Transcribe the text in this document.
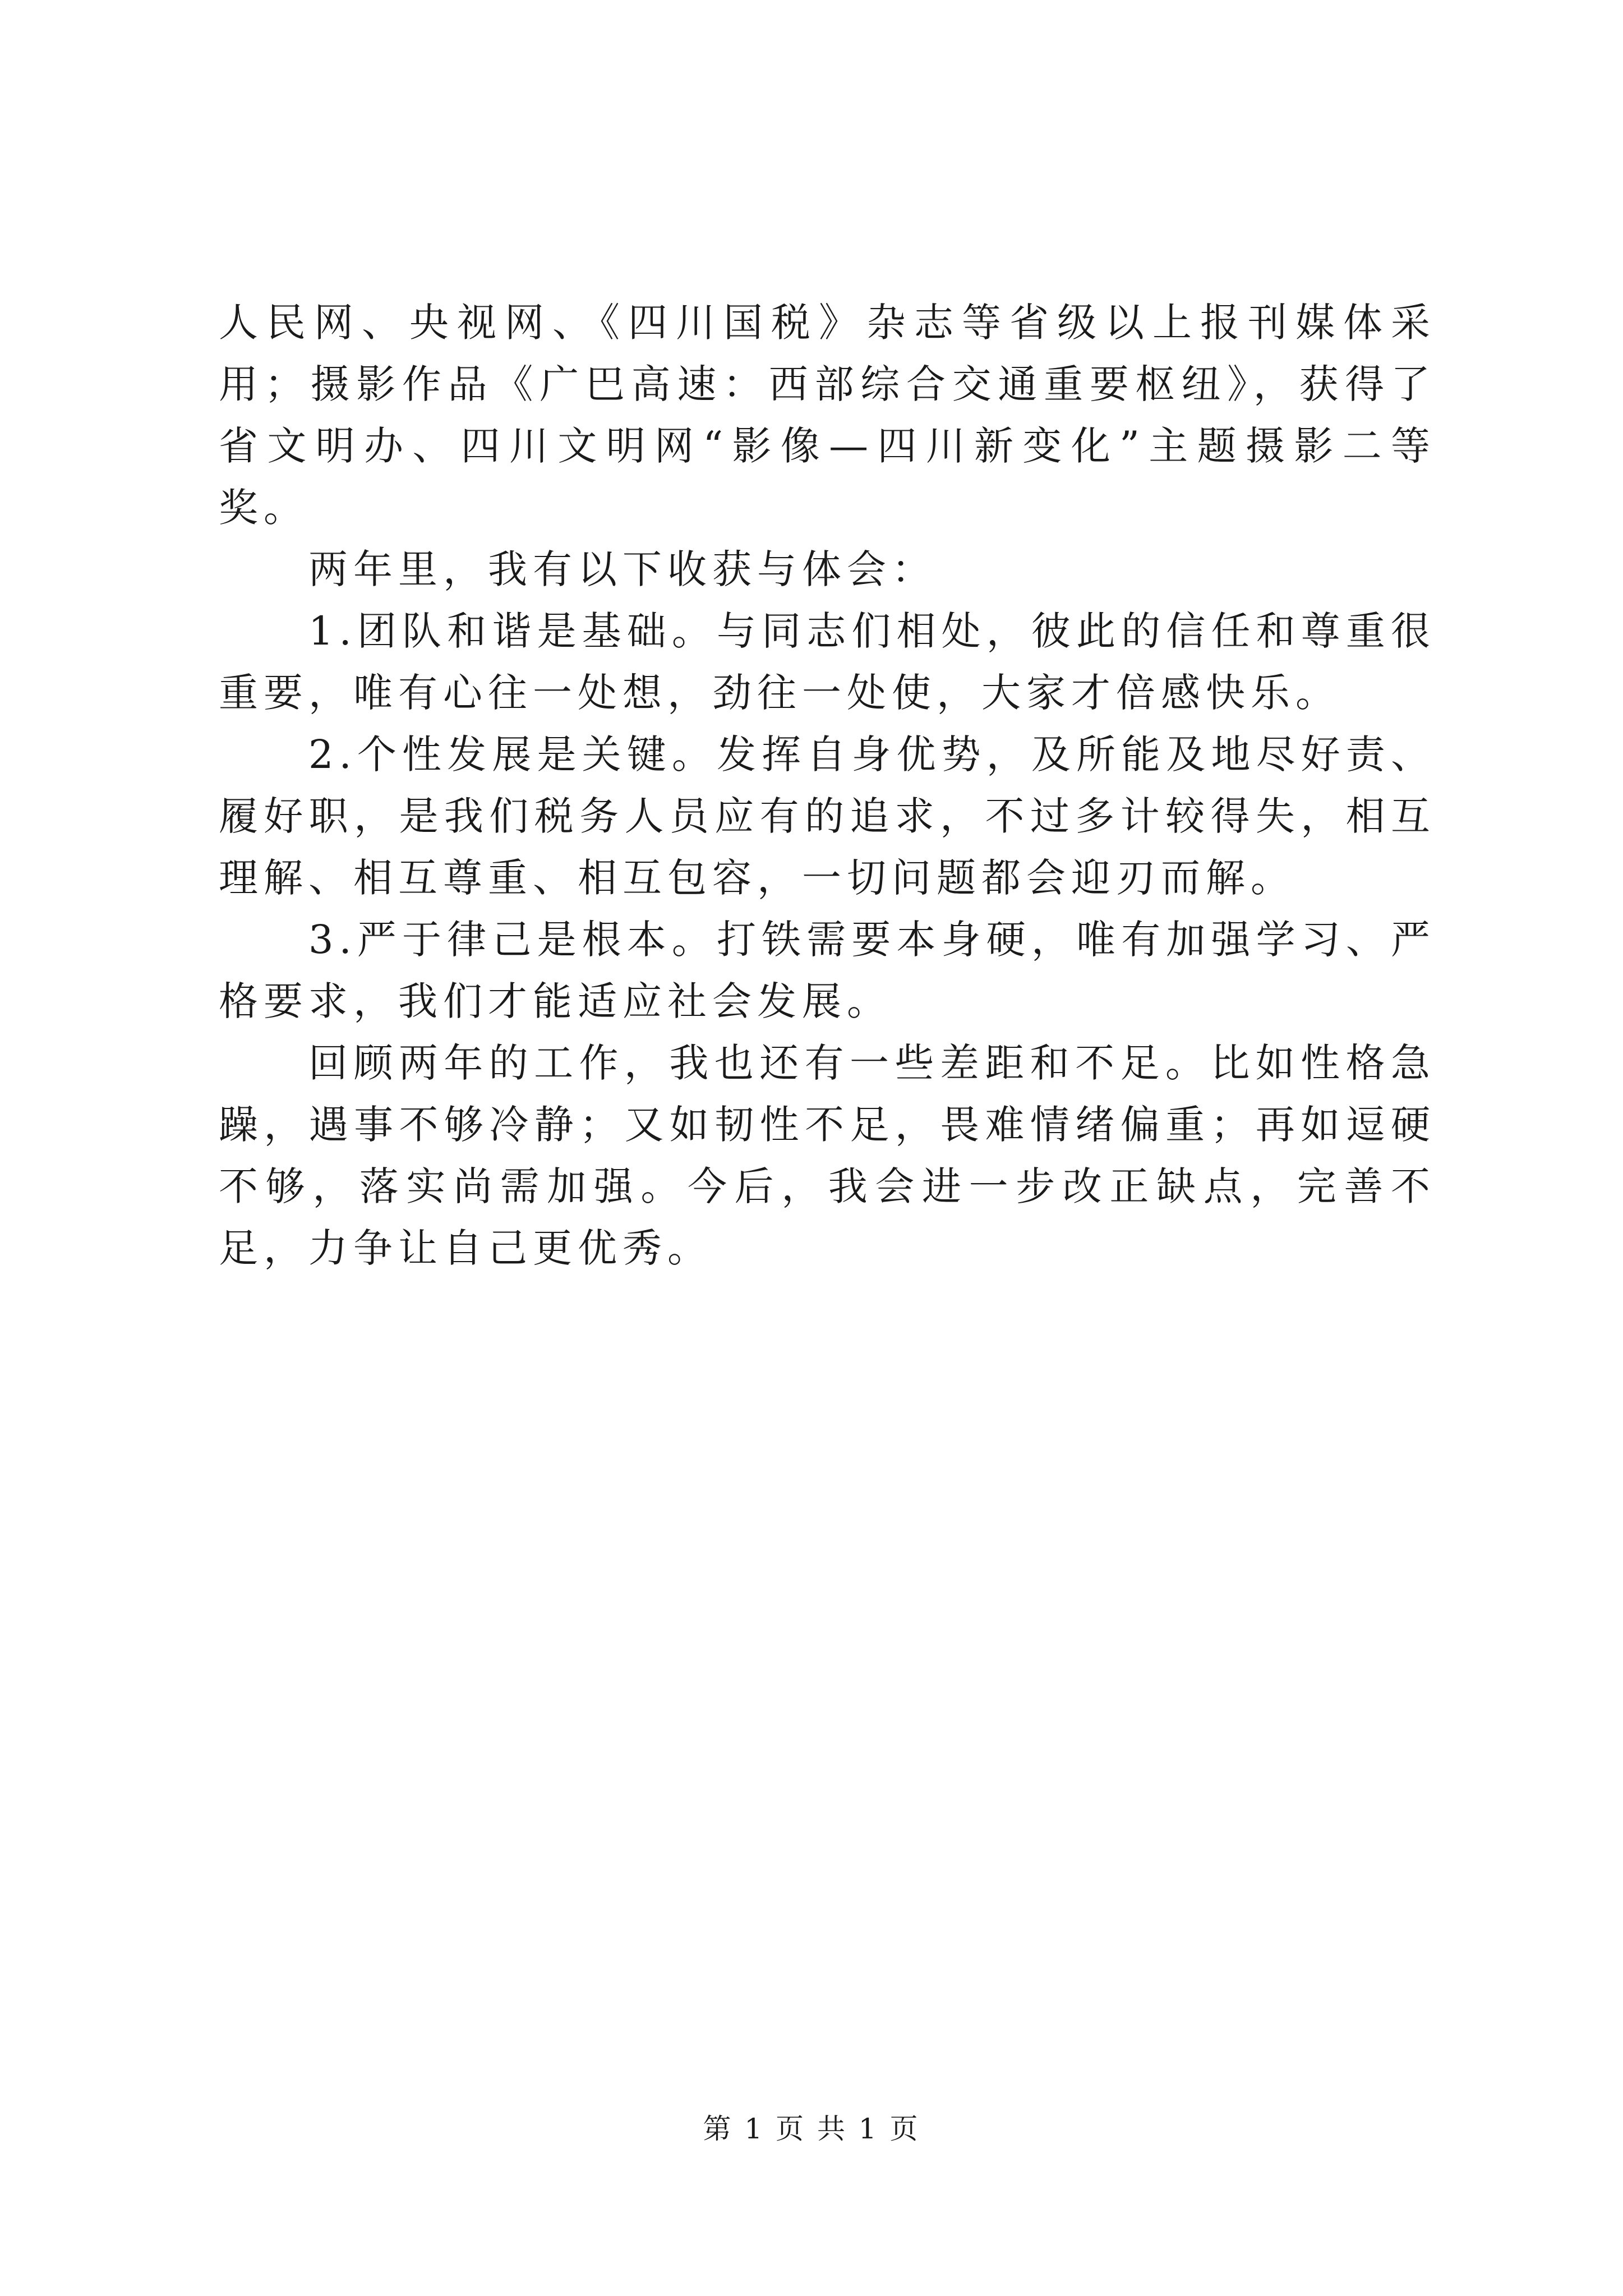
人民网、央视网、《四川国税》杂志等省级以上报刊媒体采用；摄影作品《广巴高速：西部综合交通重要枢纽》，获得了省文明办、四川文明网“影像—四川新变化”主题摄影二等奖。

两年里，我有以下收获与体会：

1.团队和谐是基础。与同志们相处，彼此的信任和尊重很重要，唯有心往一处想，劲往一处使，大家才倍感快乐。

2.个性发展是关键。发挥自身优势，及所能及地尽好责、履好职，是我们税务人员应有的追求，不过多计较得失，相互理解、相互尊重、相互包容，一切问题都会迎刃而解。

3.严于律己是根本。打铁需要本身硬，唯有加强学习、严格要求，我们才能适应社会发展。

回顾两年的工作，我也还有一些差距和不足。比如性格急躁，遇事不够冷静；又如韧性不足，畏难情绪偏重；再如逗硬不够，落实尚需加强。今后，我会进一步改正缺点，完善不足，力争让自己更优秀。

第 1 页 共 1 页
